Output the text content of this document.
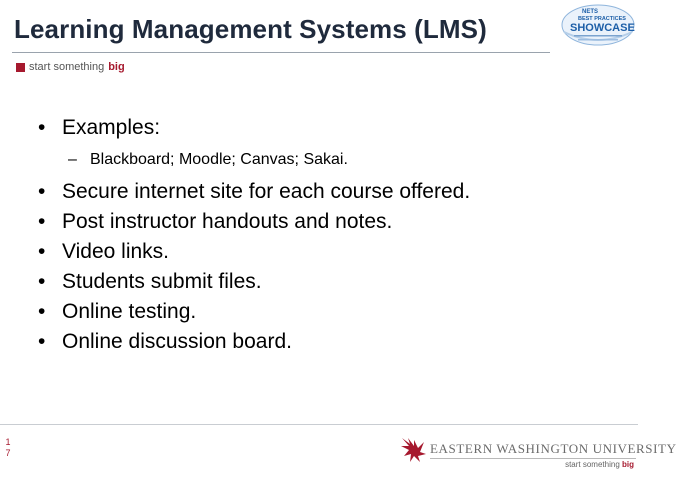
Learning Management Systems (LMS)
start something big
NETS
BEST PRACTICES
SHOWCASE
• Examples:
– Blackboard; Moodle; Canvas; Sakai.
• Secure internet site for each course offered.
• Post instructor handouts and notes.
• Video links.
• Students submit files.
• Online testing.
• Online discussion board.
1
7	EASTERN WASHINGTON UNIVERSITY
start something big
